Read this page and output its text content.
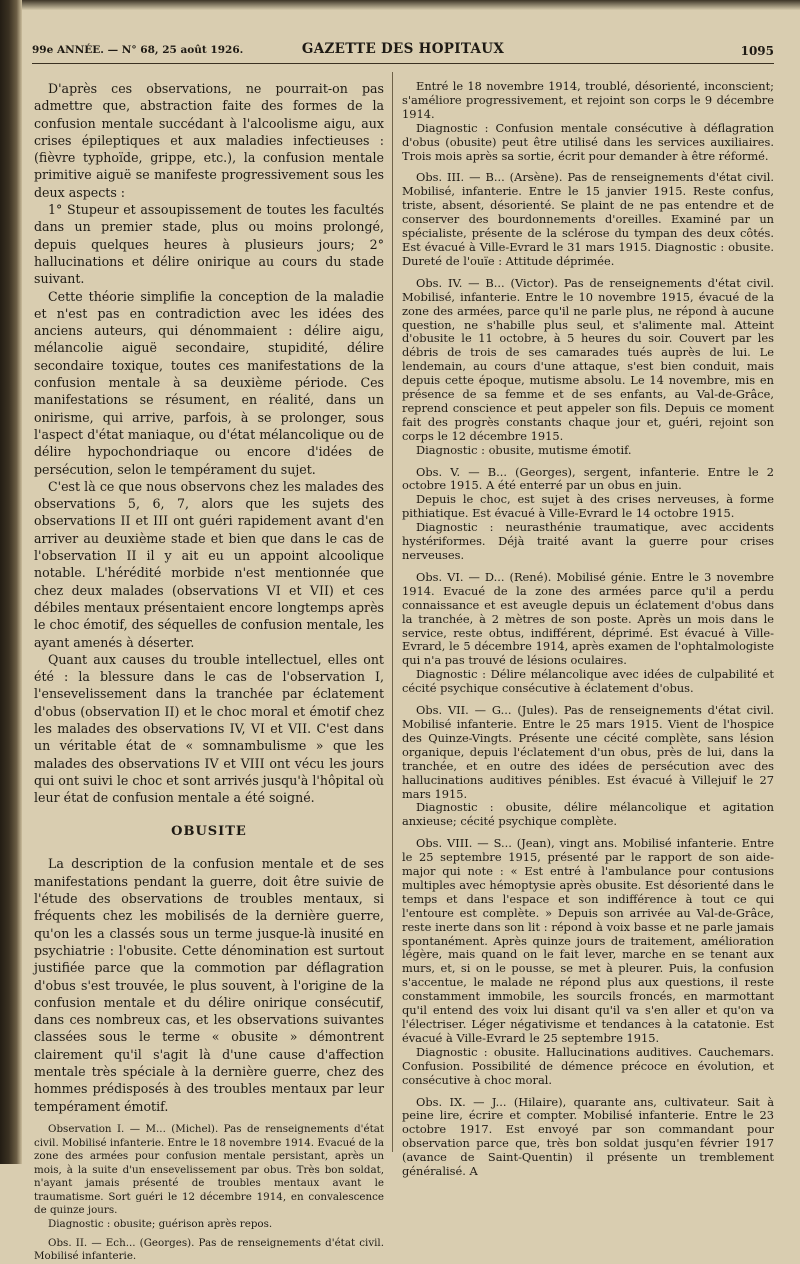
99e ANNÉE. — N° 68, 25 août 1926.	GAZETTE DES HOPITAUX	1095

D'après ces observations, ne pourrait-on pas admettre que, abstraction faite des formes de la confusion mentale succédant à l'alcoolisme aigu, aux crises épileptiques et aux maladies infectieuses : (fièvre typhoïde, grippe, etc.), la confusion mentale primitive aiguë se manifeste progressivement sous les deux aspects :

1° Stupeur et assoupissement de toutes les facultés dans un premier stade, plus ou moins prolongé, depuis quelques heures à plusieurs jours; 2° hallucinations et délire onirique au cours du stade suivant.

Cette théorie simplifie la conception de la maladie et n'est pas en contradiction avec les idées des anciens auteurs, qui dénommaient : délire aigu, mélancolie aiguë secondaire, stupidité, délire secondaire toxique, toutes ces manifestations de la confusion mentale à sa deuxième période. Ces manifestations se résument, en réalité, dans un onirisme, qui arrive, parfois, à se prolonger, sous l'aspect d'état maniaque, ou d'état mélancolique ou de délire hypochondriaque ou encore d'idées de persécution, selon le tempérament du sujet.

C'est là ce que nous observons chez les malades des observations 5, 6, 7, alors que les sujets des observations II et III ont guéri rapidement avant d'en arriver au deuxième stade et bien que dans le cas de l'observation II il y ait eu un appoint alcoolique notable. L'hérédité morbide n'est mentionnée que chez deux malades (observations VI et VII) et ces débiles mentaux présentaient encore longtemps après le choc émotif, des séquelles de confusion mentale, les ayant amenés à déserter.

Quant aux causes du trouble intellectuel, elles ont été : la blessure dans le cas de l'observation I, l'ensevelissement dans la tranchée par éclatement d'obus (observation II) et le choc moral et émotif chez les malades des observations IV, VI et VII. C'est dans un véritable état de « somnambulisme » que les malades des observations IV et VIII ont vécu les jours qui ont suivi le choc et sont arrivés jusqu'à l'hôpital où leur état de confusion mentale a été soigné.

OBUSITE

La description de la confusion mentale et de ses manifestations pendant la guerre, doit être suivie de l'étude des observations de troubles mentaux, si fréquents chez les mobilisés de la dernière guerre, qu'on les a classés sous un terme jusque-là inusité en psychiatrie : l'obusite. Cette dénomination est surtout justifiée parce que la commotion par déflagration d'obus s'est trouvée, le plus souvent, à l'origine de la confusion mentale et du délire onirique consécutif, dans ces nombreux cas, et les observations suivantes classées sous le terme « obusite » démontrent clairement qu'il s'agit là d'une cause d'affection mentale très spéciale à la dernière guerre, chez des hommes prédisposés à des troubles mentaux par leur tempérament émotif.

Observation I. — M... (Michel). Pas de renseignements d'état civil. Mobilisé infanterie. Entre le 18 novembre 1914. Evacué de la zone des armées pour confusion mentale persistant, après un mois, à la suite d'un ensevelissement par obus. Très bon soldat, n'ayant jamais présenté de troubles mentaux avant le traumatisme. Sort guéri le 12 décembre 1914, en convalescence de quinze jours.

Diagnostic : obusite; guérison après repos.

Obs. II. — Ech... (Georges). Pas de renseignements d'état civil. Mobilisé infanterie.

Entré le 18 novembre 1914, troublé, désorienté, inconscient; s'améliore progressivement, et rejoint son corps le 9 décembre 1914.

Diagnostic : Confusion mentale consécutive à déflagration d'obus (obusite) peut être utilisé dans les services auxiliaires. Trois mois après sa sortie, écrit pour demander à être réformé.

Obs. III. — B... (Arsène). Pas de renseignements d'état civil. Mobilisé, infanterie. Entre le 15 janvier 1915. Reste confus, triste, absent, désorienté. Se plaint de ne pas entendre et de conserver des bourdonnements d'oreilles. Examiné par un spécialiste, présente de la sclérose du tympan des deux côtés. Est évacué à Ville-Evrard le 31 mars 1915. Diagnostic : obusite. Dureté de l'ouïe : Attitude déprimée.

Obs. IV. — B... (Victor). Pas de renseignements d'état civil. Mobilisé, infanterie. Entre le 10 novembre 1915, évacué de la zone des armées, parce qu'il ne parle plus, ne répond à aucune question, ne s'habille plus seul, et s'alimente mal. Atteint d'obusite le 11 octobre, à 5 heures du soir. Couvert par les débris de trois de ses camarades tués auprès de lui. Le lendemain, au cours d'une attaque, s'est bien conduit, mais depuis cette époque, mutisme absolu. Le 14 novembre, mis en présence de sa femme et de ses enfants, au Val-de-Grâce, reprend conscience et peut appeler son fils. Depuis ce moment fait des progrès constants chaque jour et, guéri, rejoint son corps le 12 décembre 1915.

Diagnostic : obusite, mutisme émotif.

Obs. V. — B... (Georges), sergent, infanterie. Entre le 2 octobre 1915. A été enterré par un obus en juin.

Depuis le choc, est sujet à des crises nerveuses, à forme pithiatique. Est évacué à Ville-Evrard le 14 octobre 1915.

Diagnostic : neurasthénie traumatique, avec accidents hystériformes. Déjà traité avant la guerre pour crises nerveuses.

Obs. VI. — D... (René). Mobilisé génie. Entre le 3 novembre 1914. Evacué de la zone des armées parce qu'il a perdu connaissance et est aveugle depuis un éclatement d'obus dans la tranchée, à 2 mètres de son poste. Après un mois dans le service, reste obtus, indifférent, déprimé. Est évacué à Ville-Evrard, le 5 décembre 1914, après examen de l'ophtalmologiste qui n'a pas trouvé de lésions oculaires.

Diagnostic : Délire mélancolique avec idées de culpabilité et cécité psychique consécutive à éclatement d'obus.

Obs. VII. — G... (Jules). Pas de renseignements d'état civil. Mobilisé infanterie. Entre le 25 mars 1915. Vient de l'hospice des Quinze-Vingts. Présente une cécité complète, sans lésion organique, depuis l'éclatement d'un obus, près de lui, dans la tranchée, et en outre des idées de persécution avec des hallucinations auditives pénibles. Est évacué à Villejuif le 27 mars 1915.

Diagnostic : obusite, délire mélancolique et agitation anxieuse; cécité psychique complète.

Obs. VIII. — S... (Jean), vingt ans. Mobilisé infanterie. Entre le 25 septembre 1915, présenté par le rapport de son aide-major qui note : « Est entré à l'ambulance pour contusions multiples avec hémoptysie après obusite. Est désorienté dans le temps et dans l'espace et son indifférence à tout ce qui l'entoure est complète. » Depuis son arrivée au Val-de-Grâce, reste inerte dans son lit : répond à voix basse et ne parle jamais spontanément. Après quinze jours de traitement, amélioration légère, mais quand on le fait lever, marche en se tenant aux murs, et, si on le pousse, se met à pleurer. Puis, la confusion s'accentue, le malade ne répond plus aux questions, il reste constamment immobile, les sourcils froncés, en marmottant qu'il entend des voix lui disant qu'il va s'en aller et qu'on va l'électriser. Léger négativisme et tendances à la catatonie. Est évacué à Ville-Evrard le 25 septembre 1915.

Diagnostic : obusite. Hallucinations auditives. Cauchemars. Confusion. Possibilité de démence précoce en évolution, et consécutive à choc moral.

Obs. IX. — J... (Hilaire), quarante ans, cultivateur. Sait à peine lire, écrire et compter. Mobilisé infanterie. Entre le 23 octobre 1917. Est envoyé par son commandant pour observation parce que, très bon soldat jusqu'en février 1917 (avance de Saint-Quentin) il présente un tremblement généralisé. A
